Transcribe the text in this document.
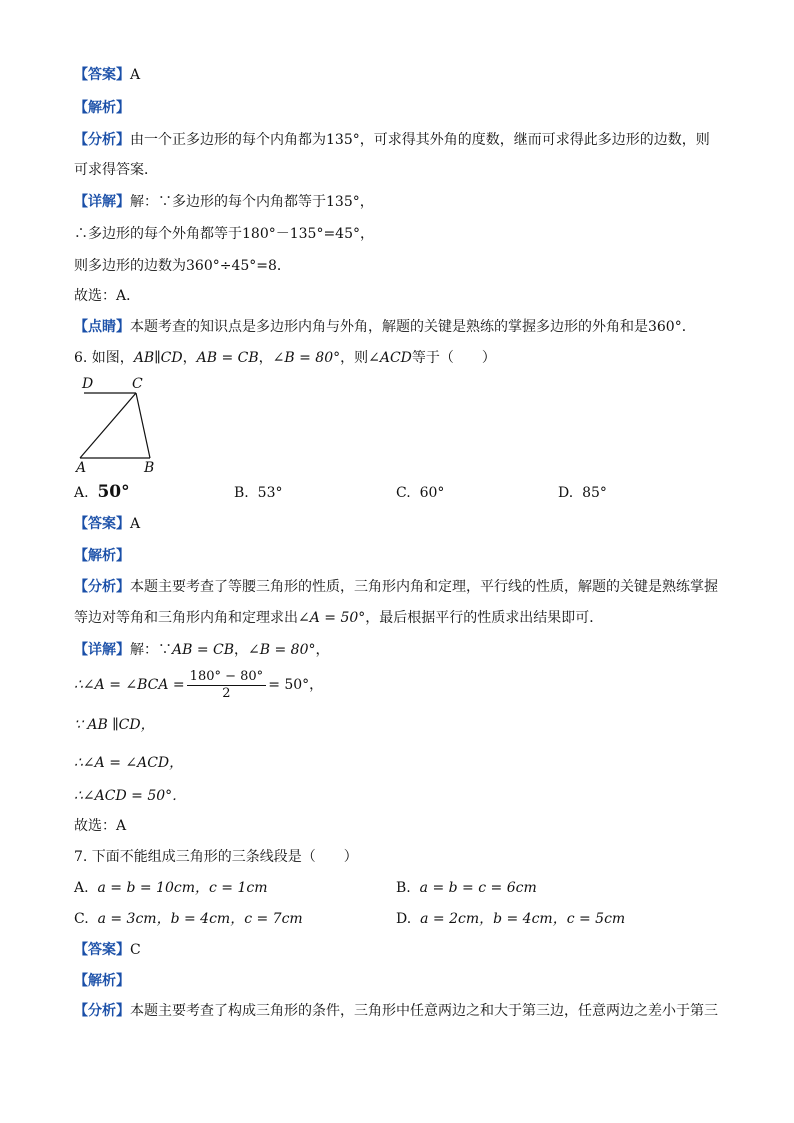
【答案】A
【解析】
【分析】由一个正多边形的每个内角都为135°，可求得其外角的度数，继而可求得此多边形的边数，则
可求得答案．
【详解】解：∵多边形的每个内角都等于135°，
∴多边形的每个外角都等于180°－135°=45°，
则多边形的边数为360°÷45°=8．
故选：A．
【点睛】本题考查的知识点是多边形内角与外角，解题的关键是熟练的掌握多边形的外角和是360°．
6. 如图，AB∥CD，AB = CB，∠B = 80°，则∠ACD等于（　　）
D	C
A	B
A. 50°	B. 53°	C. 60°	D. 85°
【答案】A
【解析】
【分析】本题主要考查了等腰三角形的性质，三角形内角和定理，平行线的性质，解题的关键是熟练掌握
等边对等角和三角形内角和定理求出∠A = 50°，最后根据平行的性质求出结果即可．
【详解】解：∵AB = CB，∠B = 80°，
∴∠A = ∠BCA = $\frac{180^\circ - 80^\circ}{2} = 50^\circ$，
∵ AB ∥CD，
∴∠A = ∠ACD，
∴∠ACD = 50°．
故选：A
7. 下面不能组成三角形的三条线段是（　　）
A. a = b = 10cm，c = 1cm	B. a = b = c = 6cm
C. a = 3cm，b = 4cm，c = 7cm	D. a = 2cm，b = 4cm，c = 5cm
【答案】C
【解析】
【分析】本题主要考查了构成三角形的条件，三角形中任意两边之和大于第三边，任意两边之差小于第三
